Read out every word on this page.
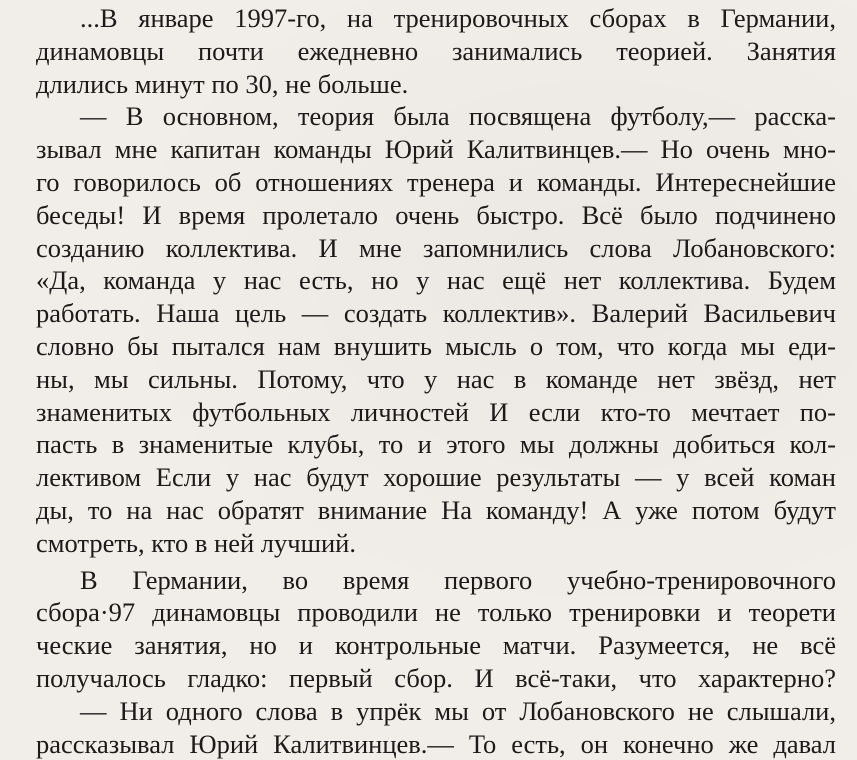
...В январе 1997-го, на тренировочных сборах в Германии,
динамовцы почти ежедневно занимались теорией. Занятия
длились минут по 30, не больше.
— В основном, теория была посвящена футболу,— расска-
зывал мне капитан команды Юрий Калитвинцев.— Но очень мно-
го говорилось об отношениях тренера и команды. Интереснейшие
беседы! И время пролетало очень быстро. Всё было подчинено
созданию коллектива. И мне запомнились слова Лобановского:
«Да, команда у нас есть, но у нас ещё нет коллектива. Будем
работать. Наша цель — создать коллектив». Валерий Васильевич
словно бы пытался нам внушить мысль о том, что когда мы еди-
ны, мы сильны. Потому, что у нас в команде нет звёзд, нет
знаменитых футбольных личностей И если кто-то мечтает по-
пасть в знаменитые клубы, то и этого мы должны добиться кол-
лективом Если у нас будут хорошие результаты — у всей коман
ды, то на нас обратят внимание На команду! А уже потом будут
смотреть, кто в ней лучший.
В Германии, во время первого учебно-тренировочного
сбора·97 динамовцы проводили не только тренировки и теорети
ческие занятия, но и контрольные матчи. Разумеется, не всё
получалось гладко: первый сбор. И всё-таки, что характерно?
— Ни одного слова в упрёк мы от Лобановского не слышали,
рассказывал Юрий Калитвинцев.— То есть, он конечно же давал
